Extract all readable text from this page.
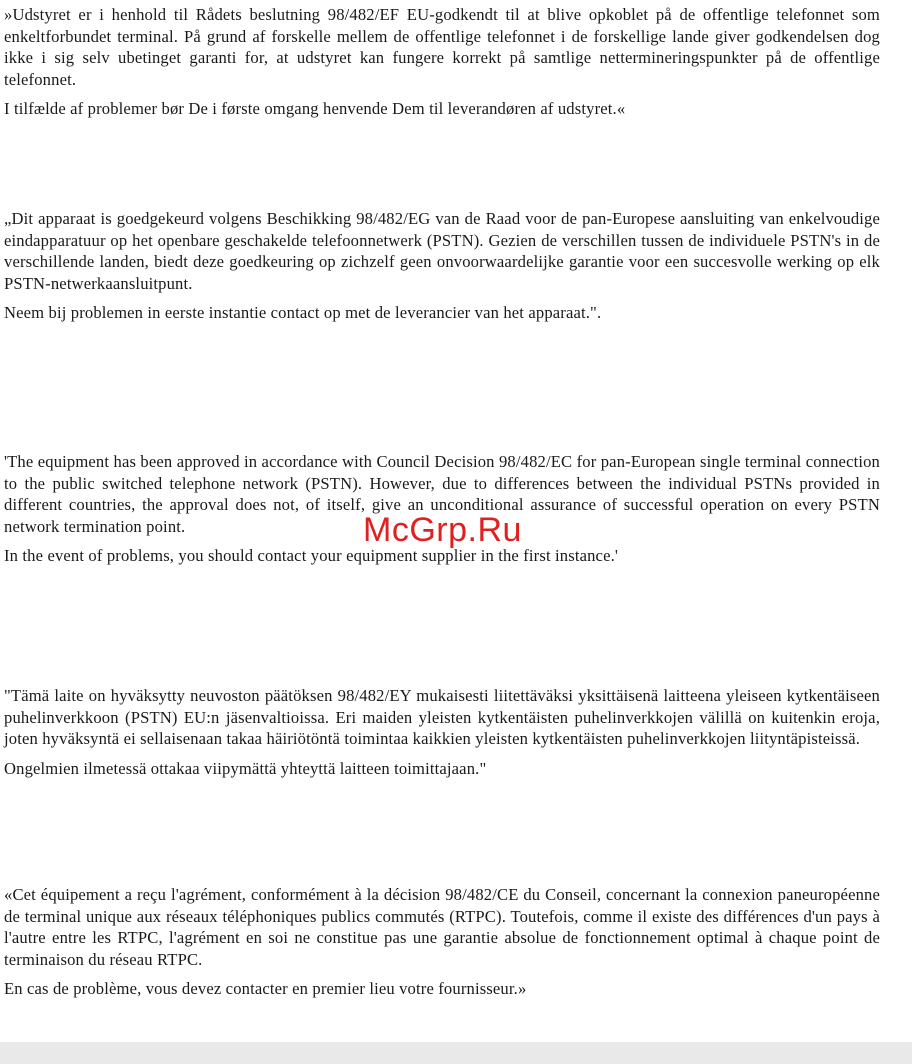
»Udstyret er i henhold til Rådets beslutning 98/482/EF EU-godkendt til at blive opkoblet på de offentlige telefonnet som enkeltforbundet terminal. På grund af forskelle mellem de offentlige telefonnet i de forskellige lande giver godkendelsen dog ikke i sig selv ubetinget garanti for, at udstyret kan fungere korrekt på samtlige nettermineringspunkter på de offentlige telefonnet.

I tilfælde af problemer bør De i første omgang henvende Dem til leverandøren af udstyret.«

„Dit apparaat is goedgekeurd volgens Beschikking 98/482/EG van de Raad voor de pan-Europese aansluiting van enkelvoudige eindapparatuur op het openbare geschakelde telefoonnetwerk (PSTN). Gezien de verschillen tussen de individuele PSTN's in de verschillende landen, biedt deze goedkeuring op zichzelf geen onvoorwaardelijke garantie voor een succesvolle werking op elk PSTN-netwerkaansluitpunt.

Neem bij problemen in eerste instantie contact op met de leverancier van het apparaat.".

'The equipment has been approved in accordance with Council Decision 98/482/EC for pan-European single terminal connection to the public switched telephone network (PSTN). However, due to differences between the individual PSTNs provided in different countries, the approval does not, of itself, give an unconditional assurance of successful operation on every PSTN network termination point.

In the event of problems, you should contact your equipment supplier in the first instance.'

"Tämä laite on hyväksytty neuvoston päätöksen 98/482/EY mukaisesti liitettäväksi yksittäisenä laitteena yleiseen kytkentäiseen puhelinverkkoon (PSTN) EU:n jäsenvaltioissa. Eri maiden yleisten kytkentäisten puhelinverkkojen välillä on kuitenkin eroja, joten hyväksyntä ei sellaisenaan takaa häiriötöntä toimintaa kaikkien yleisten kytkentäisten puhelinverkkojen liityntäpisteissä.

Ongelmien ilmetessä ottakaa viipymättä yhteyttä laitteen toimittajaan."

«Cet équipement a reçu l'agrément, conformément à la décision 98/482/CE du Conseil, concernant la connexion paneuropéenne de terminal unique aux réseaux téléphoniques publics commutés (RTPC). Toutefois, comme il existe des différences d'un pays à l'autre entre les RTPC, l'agrément en soi ne constitue pas une garantie absolue de fonctionnement optimal à chaque point de terminaison du réseau RTPC.

En cas de problème, vous devez contacter en premier lieu votre fournisseur.»

McGrp.Ru
